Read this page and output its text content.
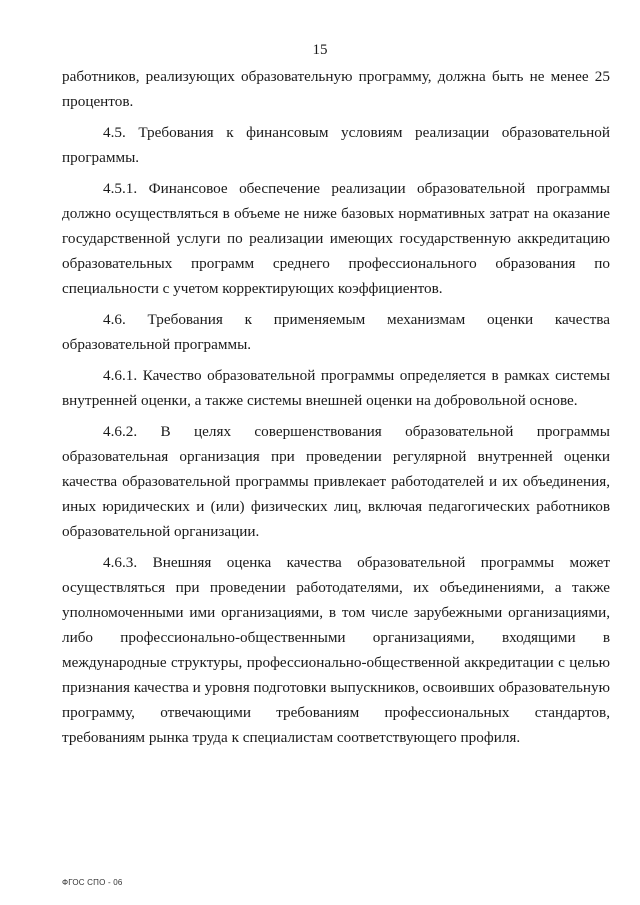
15

работников, реализующих образовательную программу, должна быть не менее 25 процентов.

4.5. Требования к финансовым условиям реализации образовательной программы.

4.5.1. Финансовое обеспечение реализации образовательной программы должно осуществляться в объеме не ниже базовых нормативных затрат на оказание государственной услуги по реализации имеющих государственную аккредитацию образовательных программ среднего профессионального образования по специальности с учетом корректирующих коэффициентов.

4.6. Требования к применяемым механизмам оценки качества образовательной программы.

4.6.1. Качество образовательной программы определяется в рамках системы внутренней оценки, а также системы внешней оценки на добровольной основе.

4.6.2. В целях совершенствования образовательной программы образовательная организация при проведении регулярной внутренней оценки качества образовательной программы привлекает работодателей и их объединения, иных юридических и (или) физических лиц, включая педагогических работников образовательной организации.

4.6.3. Внешняя оценка качества образовательной программы может осуществляться при проведении работодателями, их объединениями, а также уполномоченными ими организациями, в том числе зарубежными организациями, либо профессионально-общественными организациями, входящими в международные структуры, профессионально-общественной аккредитации с целью признания качества и уровня подготовки выпускников, освоивших образовательную программу, отвечающими требованиям профессиональных стандартов, требованиям рынка труда к специалистам соответствующего профиля.

ФГОС СПО - 06
